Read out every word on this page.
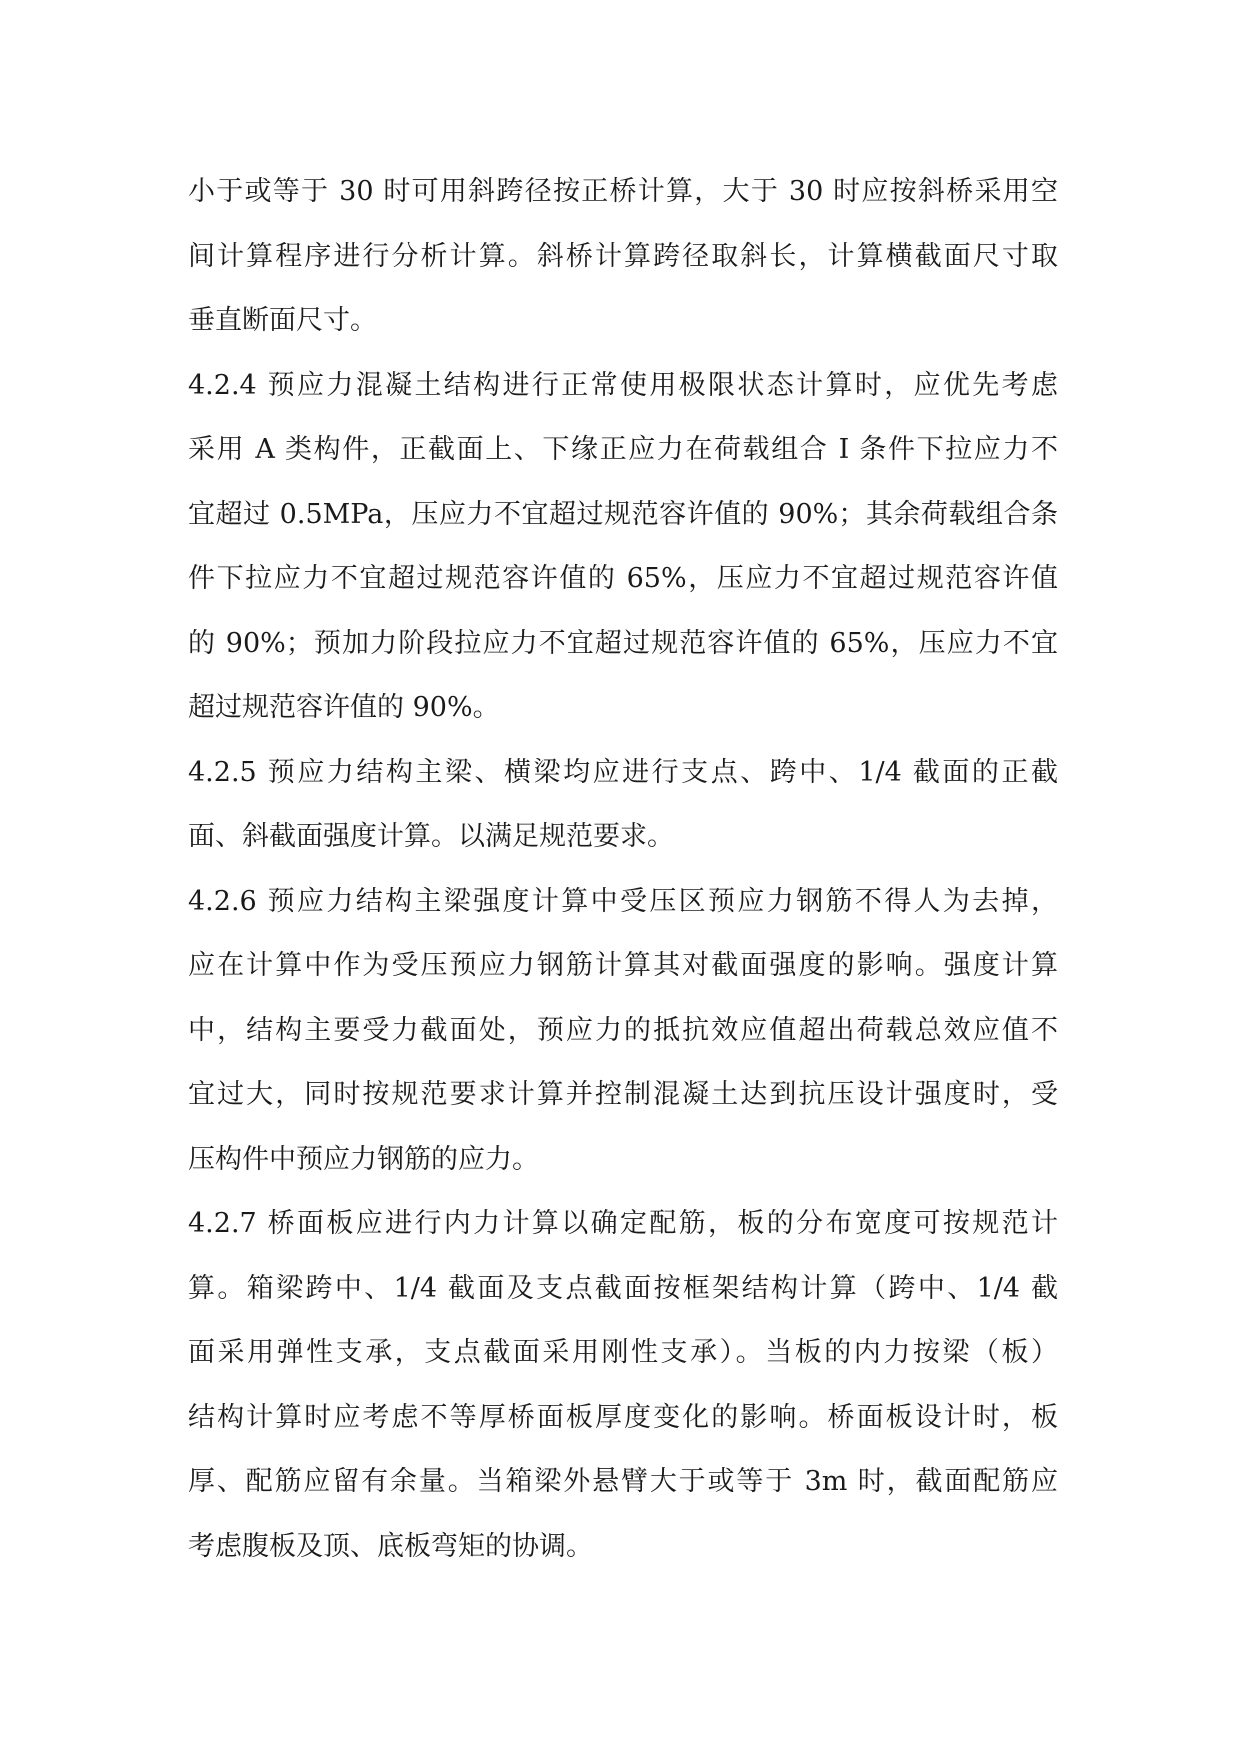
小于或等于 30 时可用斜跨径按正桥计算，大于 30 时应按斜桥采用空
间计算程序进行分析计算。斜桥计算跨径取斜长，计算横截面尺寸取
垂直断面尺寸。
4.2.4 预应力混凝土结构进行正常使用极限状态计算时，应优先考虑
采用 A 类构件，正截面上、下缘正应力在荷载组合 I 条件下拉应力不
宜超过 0.5MPa，压应力不宜超过规范容许值的 90%；其余荷载组合条
件下拉应力不宜超过规范容许值的 65%，压应力不宜超过规范容许值
的 90%；预加力阶段拉应力不宜超过规范容许值的 65%，压应力不宜
超过规范容许值的 90%。
4.2.5 预应力结构主梁、横梁均应进行支点、跨中、1/4 截面的正截
面、斜截面强度计算。以满足规范要求。
4.2.6 预应力结构主梁强度计算中受压区预应力钢筋不得人为去掉，
应在计算中作为受压预应力钢筋计算其对截面强度的影响。强度计算
中，结构主要受力截面处，预应力的抵抗效应值超出荷载总效应值不
宜过大，同时按规范要求计算并控制混凝土达到抗压设计强度时，受
压构件中预应力钢筋的应力。
4.2.7 桥面板应进行内力计算以确定配筋，板的分布宽度可按规范计
算。箱梁跨中、1/4 截面及支点截面按框架结构计算（跨中、1/4 截
面采用弹性支承，支点截面采用刚性支承）。当板的内力按梁（板）
结构计算时应考虑不等厚桥面板厚度变化的影响。桥面板设计时，板
厚、配筋应留有余量。当箱梁外悬臂大于或等于 3m 时，截面配筋应
考虑腹板及顶、底板弯矩的协调。
